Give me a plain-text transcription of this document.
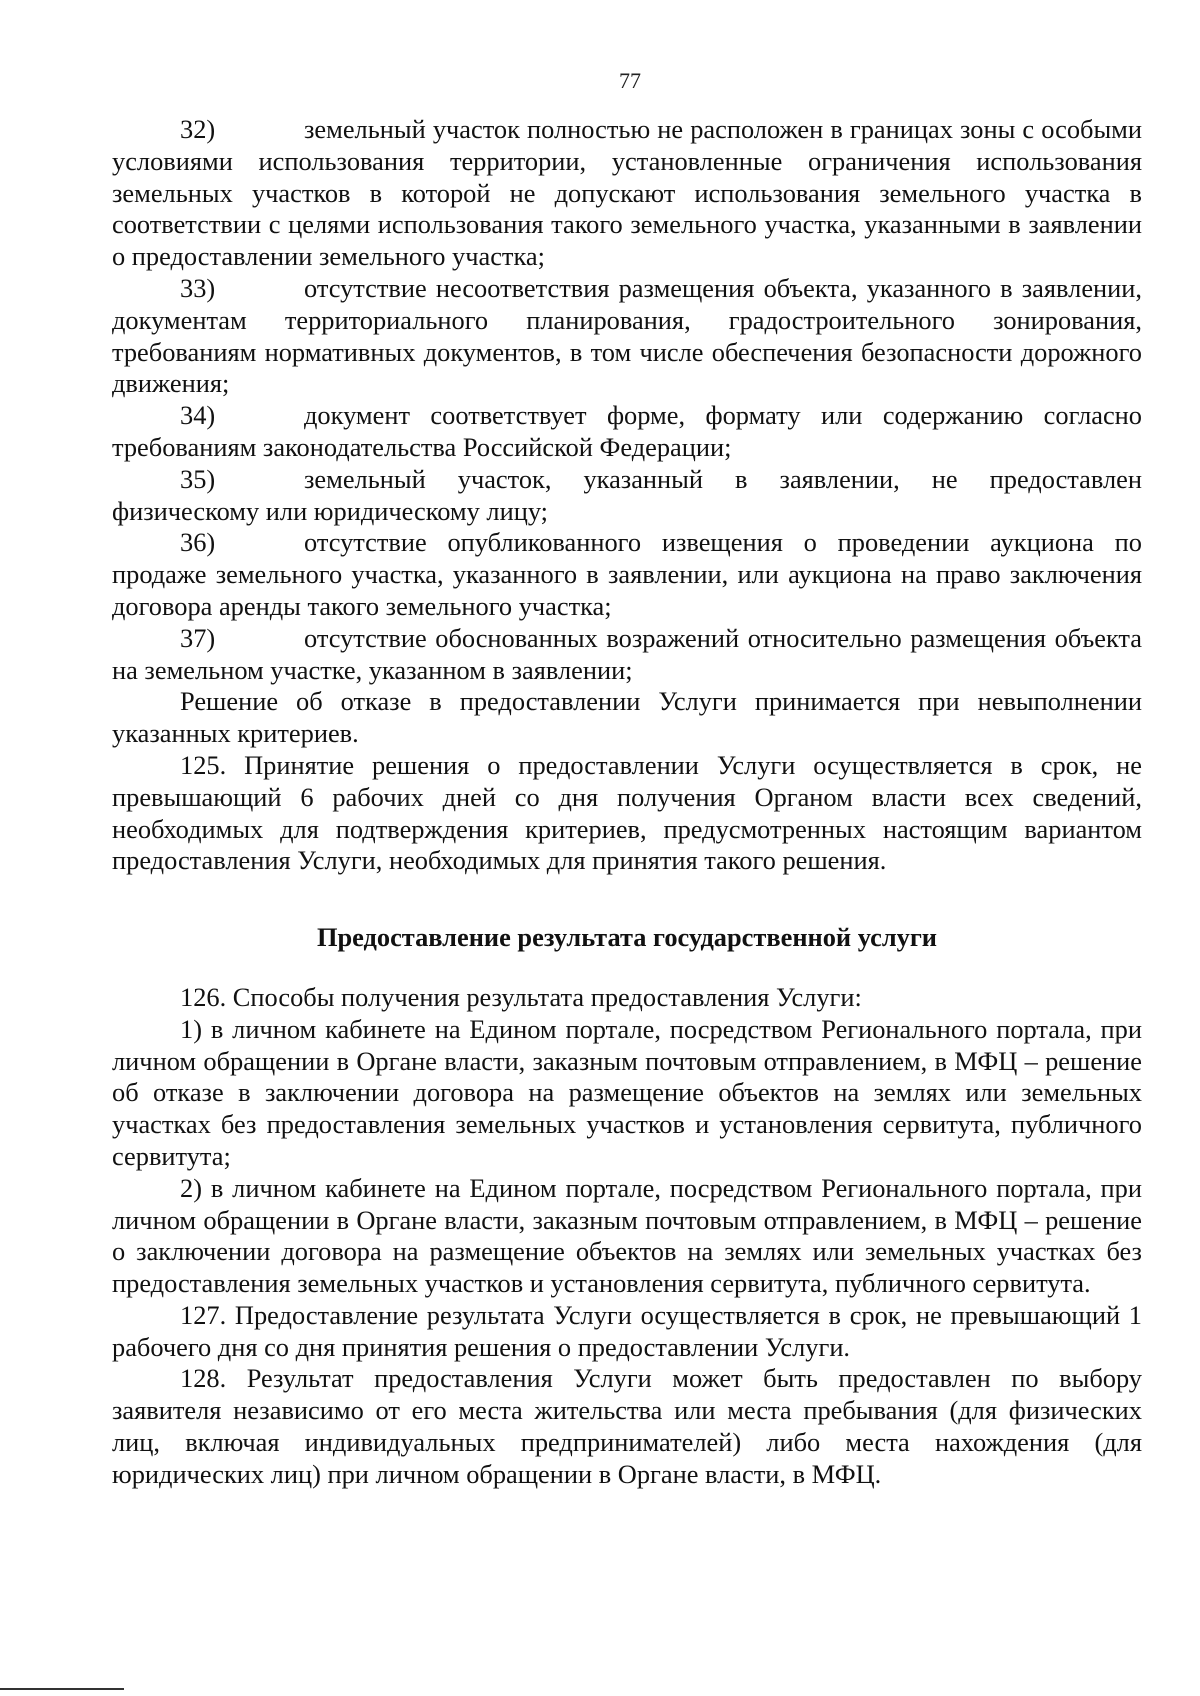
77

32)	земельный участок полностью не расположен в границах зоны с особыми условиями использования территории, установленные ограничения использования земельных участков в которой не допускают использования земельного участка в соответствии с целями использования такого земельного участка, указанными в заявлении о предоставлении земельного участка;

33)	отсутствие несоответствия размещения объекта, указанного в заявлении, документам территориального планирования, градостроительного зонирования, требованиям нормативных документов, в том числе обеспечения безопасности дорожного движения;

34)	документ соответствует форме, формату или содержанию согласно требованиям законодательства Российской Федерации;

35)	земельный участок, указанный в заявлении, не предоставлен физическому или юридическому лицу;

36)	отсутствие опубликованного извещения о проведении аукциона по продаже земельного участка, указанного в заявлении, или аукциона на право заключения договора аренды такого земельного участка;

37)	отсутствие обоснованных возражений относительно размещения объекта на земельном участке, указанном в заявлении;

Решение об отказе в предоставлении Услуги принимается при невыполнении указанных критериев.

125. Принятие решения о предоставлении Услуги осуществляется в срок, не превышающий 6 рабочих дней со дня получения Органом власти всех сведений, необходимых для подтверждения критериев, предусмотренных настоящим вариантом предоставления Услуги, необходимых для принятия такого решения.

Предоставление результата государственной услуги

126. Способы получения результата предоставления Услуги:

1) в личном кабинете на Едином портале, посредством Регионального портала, при личном обращении в Органе власти, заказным почтовым отправлением, в МФЦ – решение об отказе в заключении договора на размещение объектов на землях или земельных участках без предоставления земельных участков и установления сервитута, публичного сервитута;

2) в личном кабинете на Едином портале, посредством Регионального портала, при личном обращении в Органе власти, заказным почтовым отправлением, в МФЦ – решение о заключении договора на размещение объектов на землях или земельных участках без предоставления земельных участков и установления сервитута, публичного сервитута.

127. Предоставление результата Услуги осуществляется в срок, не превышающий 1 рабочего дня со дня принятия решения о предоставлении Услуги.

128. Результат предоставления Услуги может быть предоставлен по выбору заявителя независимо от его места жительства или места пребывания (для физических лиц, включая индивидуальных предпринимателей) либо места нахождения (для юридических лиц) при личном обращении в Органе власти, в МФЦ.
